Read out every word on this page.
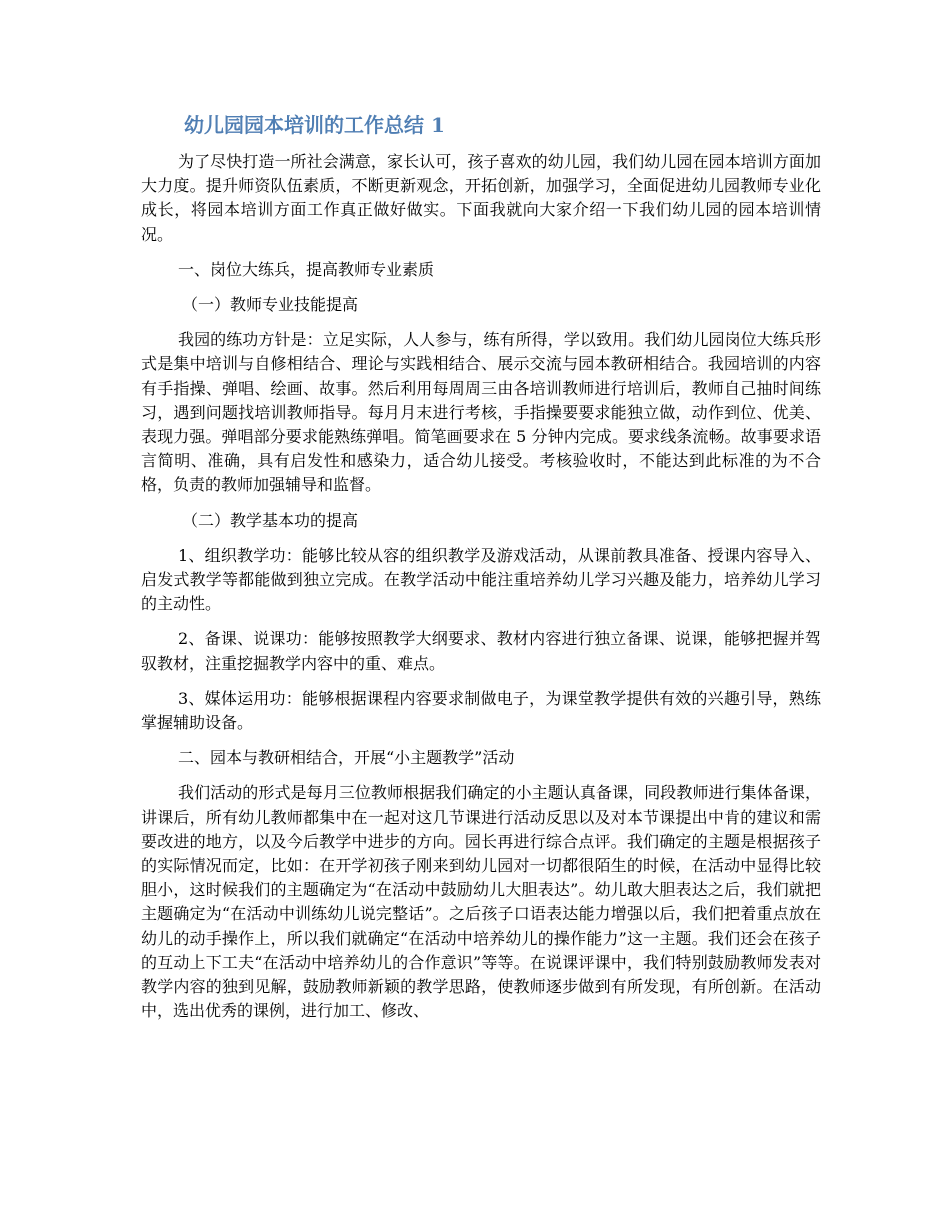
幼儿园园本培训的工作总结 1

为了尽快打造一所社会满意，家长认可，孩子喜欢的幼儿园，我们幼儿园在园本培训方面加大力度。提升师资队伍素质，不断更新观念，开拓创新，加强学习，全面促进幼儿园教师专业化成长，将园本培训方面工作真正做好做实。下面我就向大家介绍一下我们幼儿园的园本培训情况。

一、岗位大练兵，提高教师专业素质

（一）教师专业技能提高

我园的练功方针是：立足实际，人人参与，练有所得，学以致用。我们幼儿园岗位大练兵形式是集中培训与自修相结合、理论与实践相结合、展示交流与园本教研相结合。我园培训的内容有手指操、弹唱、绘画、故事。然后利用每周周三由各培训教师进行培训后，教师自己抽时间练习，遇到问题找培训教师指导。每月月末进行考核，手指操要要求能独立做，动作到位、优美、表现力强。弹唱部分要求能熟练弹唱。简笔画要求在 5 分钟内完成。要求线条流畅。故事要求语言简明、准确，具有启发性和感染力，适合幼儿接受。考核验收时，不能达到此标准的为不合格，负责的教师加强辅导和监督。

（二）教学基本功的提高

1、组织教学功：能够比较从容的组织教学及游戏活动，从课前教具准备、授课内容导入、启发式教学等都能做到独立完成。在教学活动中能注重培养幼儿学习兴趣及能力，培养幼儿学习的主动性。

2、备课、说课功：能够按照教学大纲要求、教材内容进行独立备课、说课，能够把握并驾驭教材，注重挖掘教学内容中的重、难点。

3、媒体运用功：能够根据课程内容要求制做电子，为课堂教学提供有效的兴趣引导，熟练掌握辅助设备。

二、园本与教研相结合，开展“小主题教学”活动

我们活动的形式是每月三位教师根据我们确定的小主题认真备课，同段教师进行集体备课，讲课后，所有幼儿教师都集中在一起对这几节课进行活动反思以及对本节课提出中肯的建议和需要改进的地方，以及今后教学中进步的方向。园长再进行综合点评。我们确定的主题是根据孩子的实际情况而定，比如：在开学初孩子刚来到幼儿园对一切都很陌生的时候，在活动中显得比较胆小，这时候我们的主题确定为“在活动中鼓励幼儿大胆表达”。幼儿敢大胆表达之后，我们就把主题确定为“在活动中训练幼儿说完整话”。之后孩子口语表达能力增强以后，我们把着重点放在幼儿的动手操作上，所以我们就确定“在活动中培养幼儿的操作能力”这一主题。我们还会在孩子的互动上下工夫“在活动中培养幼儿的合作意识”等等。在说课评课中，我们特别鼓励教师发表对教学内容的独到见解，鼓励教师新颖的教学思路，使教师逐步做到有所发现，有所创新。在活动中，选出优秀的课例，进行加工、修改、
